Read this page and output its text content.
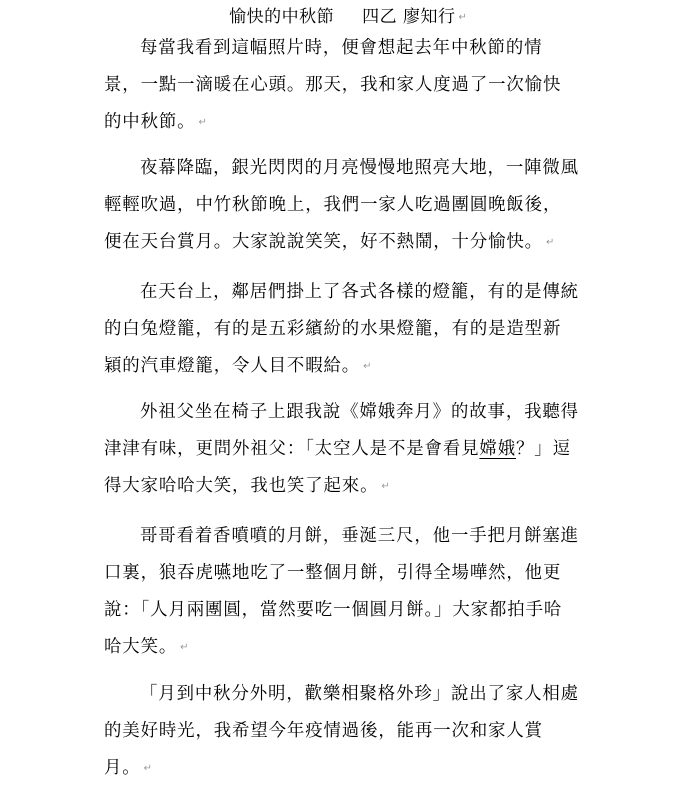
愉快的中秋節 四乙 廖知行 ↵
每當我看到這幅照片時，便會想起去年中秋節的情
景，一點一滴暖在心頭。那天，我和家人度過了一次愉快
的中秋節。 ↵
夜幕降臨，銀光閃閃的月亮慢慢地照亮大地，一陣微風
輕輕吹過，中竹秋節晚上，我們一家人吃過團圓晚飯後，
便在天台賞月。大家說說笑笑，好不熱鬧，十分愉快。 ↵
在天台上，鄰居們掛上了各式各樣的燈籠，有的是傳統
的白兔燈籠，有的是五彩繽紛的水果燈籠，有的是造型新
穎的汽車燈籠，令人目不暇給。 ↵
外祖父坐在椅子上跟我說《嫦娥奔月》的故事，我聽得
津津有味，更問外祖父：「太空人是不是會看見嫦娥？」逗
得大家哈哈大笑，我也笑了起來。 ↵
哥哥看着香噴噴的月餅，垂涎三尺，他一手把月餅塞進
口裏，狼吞虎嚥地吃了一整個月餅，引得全場嘩然，他更
說：「人月兩團圓，當然要吃一個圓月餅。」大家都拍手哈
哈大笑。 ↵
「月到中秋分外明，歡樂相聚格外珍」說出了家人相處
的美好時光，我希望今年疫情過後，能再一次和家人賞
月。 ↵
